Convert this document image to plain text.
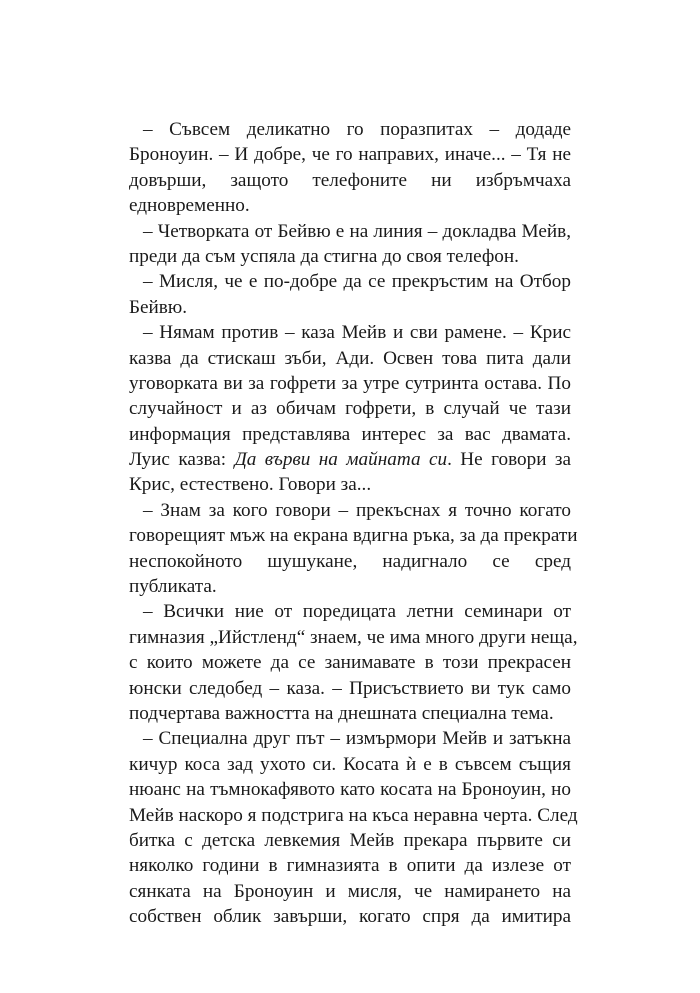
– Съвсем деликатно го поразпитах – додаде
Броноуин. – И добре, че го направих, иначе... – Тя не
довърши, защото телефоните ни избръмчаха
едновременно.
– Четворката от Бейвю е на линия – докладва Мейв,
преди да съм успяла да стигна до своя телефон.
– Мисля, че е по-добре да се прекръстим на Отбор
Бейвю.
– Нямам против – каза Мейв и сви рамене. – Крис
казва да стискаш зъби, Ади. Освен това пита дали
уговорката ви за гофрети за утре сутринта остава. По
случайност и аз обичам гофрети, в случай че тази
информация представлява интерес за вас двамата.
Луис казва: Да върви на майната си. Не говори за
Крис, естествено. Говори за...
– Знам за кого говори – прекъснах я точно когато
говорещият мъж на екрана вдигна ръка, за да прекрати
неспокойното шушукане, надигнало се сред
публиката.
– Всички ние от поредицата летни семинари от
гимназия „Ийстленд“ знаем, че има много други неща,
с които можете да се занимавате в този прекрасен
юнски следобед – каза. – Присъствието ви тук само
подчертава важността на днешната специална тема.
– Специална друг път – измърмори Мейв и затъкна
кичур коса зад ухото си. Косата ѝ е в съвсем същия
нюанс на тъмнокафявото като косата на Броноуин, но
Мейв наскоро я подстрига на къса неравна черта. След
битка с детска левкемия Мейв прекара първите си
няколко години в гимназията в опити да излезе от
сянката на Броноуин и мисля, че намирането на
собствен облик завърши, когато спря да имитира
